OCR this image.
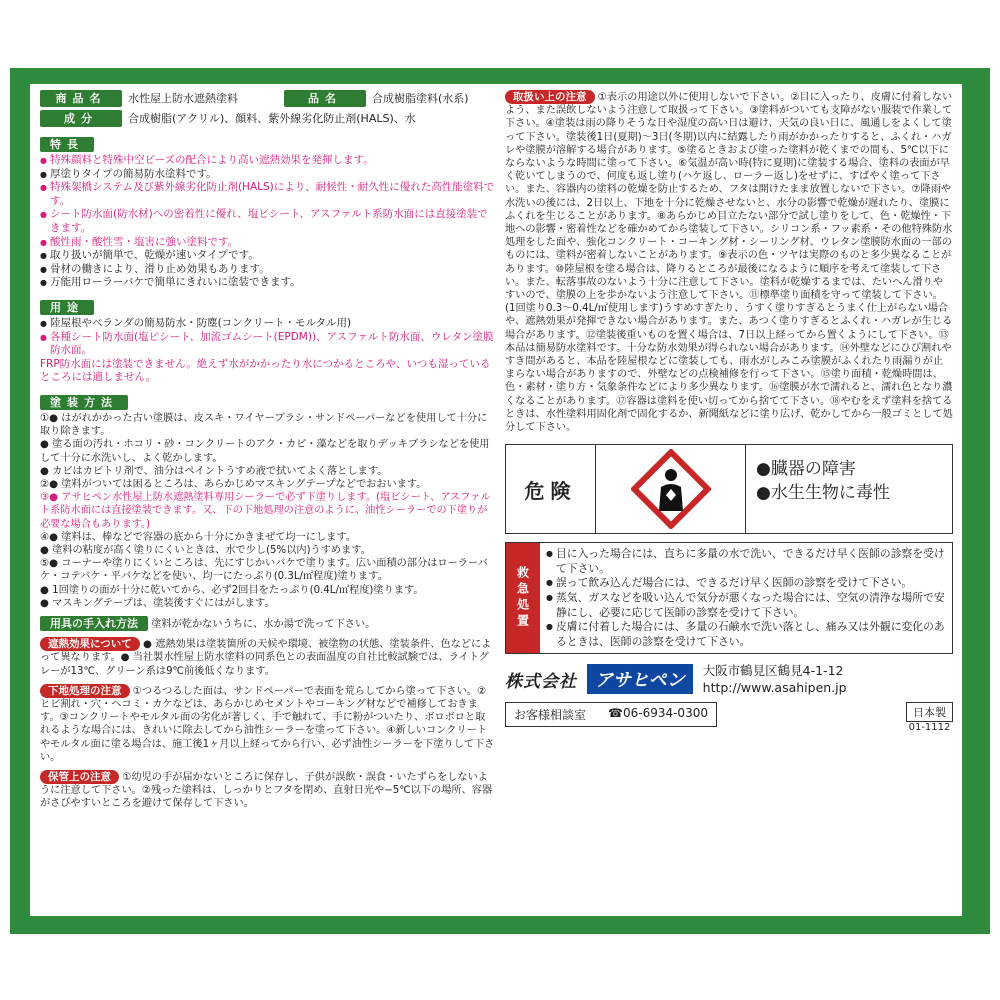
商品名	水性屋上防水遮熱塗料	品名	合成樹脂塗料(水系)
成分	合成樹脂(アクリル)、顔料、紫外線劣化防止剤(HALS)、水
特長
● 特殊顔料と特殊中空ビーズの配合により高い遮熱効果を発揮します。
● 厚塗りタイプの簡易防水塗料です。
● 特殊架橋システム及び紫外線劣化防止剤(HALS)により、耐候性・耐久性に優れた高性能塗料です。
● シート防水面(防水材)への密着性に優れ、塩ビシート、アスファルト系防水面には直接塗装できます。
● 酸性雨・酸性雪・塩害に強い塗料です。
● 取り扱いが簡単で、乾燥が速いタイプです。
● 骨材の働きにより、滑り止め効果もあります。
● 万能用ローラーバケで簡単にきれいに塗装できます。
用途
● 陸屋根やベランダの簡易防水・防塵(コンクリート・モルタル用)
● 各種シート防水面(塩ビシート、加流ゴムシート(EPDM))、アスファルト防水面、ウレタン塗膜防水面。
FRP防水面には塗装できません。絶えず水がかかったり水につかるところや、いつも湿っているところには適しません。
塗装方法
①● はがれかかった古い塗膜は、皮スキ・ワイヤーブラシ・サンドペーパーなどを使用して十分に取り除きます。
● 塗る面の汚れ・ホコリ・砂・コンクリートのアク・カビ・藻などを取りデッキブラシなどを使用して十分に水洗いし、よく乾かします。
● カビはカビトリ剤で、油分はペイントうすめ液で拭いてよく落とします。
②● 塗料がついては困るところは、あらかじめマスキングテープなどでおおいます。
③● アサヒペン水性屋上防水遮熱塗料専用シーラーで必ず下塗りします。(塩ビシート、アスファルト系防水面には直接塗装できます。又、下の下地処理の注意のように、油性シーラーでの下塗りが必要な場合もあります。)
④● 塗料は、棒などで容器の底から十分にかきまぜて均一にします。
● 塗料の粘度が高く塗りにくいときは、水で少し(5%以内)うすめます。
⑤● コーナーや塗りにくいところは、先にすじかいバケで塗ります。広い面積の部分はローラーバケ・コテバケ・平バケなどを使い、均一にたっぷり(0.3L/㎡程度)塗ります。
● 1回塗りの面が十分に乾いてから、必ず2回目をたっぷり(0.4L/㎡程度)塗ります。
● マスキングテープは、塗装後すぐにはがします。
用具の手入れ方法 塗料が乾かないうちに、水か湯で洗って下さい。
遮熱効果について ● 遮熱効果は塗装箇所の天候や環境、被塗物の状態、塗装条件、色などによって異なります。● 当社製水性屋上防水塗料の同系色との表面温度の自社比較試験では、ライトグレーが13℃、グリーン系は9℃前後低くなります。
下地処理の注意 ①つるつるした面は、サンドペーパーで表面を荒らしてから塗って下さい。②ヒビ割れ・穴・ヘコミ・カケなどは、あらかじめセメントやコーキング材などで補修しておきます。③コンクリートやモルタル面の劣化が著しく、手で触れて、手に粉がついたり、ボロボロと取れるような場合には、きれいに除去してから油性シーラーを塗って下さい。④新しいコンクリートやモルタル面に塗る場合は、施工後1ヶ月以上経ってから行い、必ず油性シーラーを下塗りして下さい。
保管上の注意 ①幼児の手が届かないところに保存し、子供が誤飲・誤食・いたずらをしないように注意して下さい。②残った塗料は、しっかりとフタを閉め、直射日光や−5℃以下の場所、容器がさびやすいところを避けて保存して下さい。
取扱い上の注意 ①表示の用途以外に使用しないで下さい。②目に入ったり、皮膚に付着しないよう、また誤飲しないよう注意して取扱って下さい。③塗料がついても支障がない服装で作業して下さい。④塗装は雨の降りそうな日や湿度の高い日は避け、天気の良い日に、風通しをよくして塗って下さい。塗装後1日(夏期)〜3日(冬期)以内に結露したり雨がかかったりすると、ふくれ・ハガレや塗膜が溶解する場合があります。⑤塗るときおよび塗った塗料が乾くまでの間も、5℃以下にならないような時間に塗って下さい。⑥気温が高い時(特に夏期)に塗装する場合、塗料の表面が早く乾いてしまうので、何度も返し塗り(ハケ返し、ローラー返し)をせずに、すばやく塗って下さい。また、容器内の塗料の乾燥を防止するため、フタは開けたまま放置しないで下さい。⑦降雨や水洗いの後には、2日以上、下地を十分に乾燥させないと、水分の影響で乾燥が遅れたり、塗膜にふくれを生じることがあります。⑧あらかじめ目立たない部分で試し塗りをして、色・乾燥性・下地への影響・密着性などを確かめてから塗装して下さい。シリコン系・フッ素系・その他特殊防水処理をした面や、強化コンクリート・コーキング材・シーリング材、ウレタン塗膜防水面の一部のものには、塗料が密着しないことがあります。⑨表示の色・ツヤは実際のものと多少異なることがあります。⑩陸屋根を塗る場合は、降りるところが最後になるように順序を考えて塗装して下さい。また、転落事故のないよう十分に注意して下さい。塗料が乾燥するまでは、たいへん滑りやすいので、塗膜の上を歩かないよう注意して下さい。⑪標準塗り面積を守って塗装して下さい。(1回塗り0.3〜0.4L/㎡使用します)うすめすぎたり、うすく塗りすぎるとうまく仕上がらない場合や、遮熱効果が発揮できない場合があります。また、あつく塗りすぎるとふくれ・ハガレが生じる場合があります。⑫塗装後重いものを置く場合は、7日以上経ってから置くようにして下さい。⑬本品は簡易防水塗料です。十分な防水効果が得られない場合があります。⑭外壁などにひび割れやすき間があると、本品を陸屋根などに塗装しても、雨水がしみこみ塗膜がふくれたり雨漏りが止まらない場合がありますので、外壁などの点検補修を行って下さい。⑮塗り面積・乾燥時間は、色・素材・塗り方・気象条件などにより多少異なります。⑯塗膜が水で濡れると、濡れ色となり濃くなることがあります。⑰容器は塗料を使い切ってから捨てて下さい。⑱やむをえず塗料を捨てるときは、水性塗料用固化剤で固化するか、新聞紙などに塗り広げ、乾かしてから一般ゴミとして処分して下さい。
危険
●臓器の障害
●水生生物に毒性
救急処置
● 目に入った場合には、直ちに多量の水で洗い、できるだけ早く医師の診察を受けて下さい。
● 誤って飲み込んだ場合には、できるだけ早く医師の診察を受けて下さい。
● 蒸気、ガスなどを吸い込んで気分が悪くなった場合には、空気の清浄な場所で安静にし、必要に応じて医師の診察を受けて下さい。
● 皮膚に付着した場合には、多量の石鹸水で洗い落とし、痛み又は外観に変化のあるときは、医師の診察を受けて下さい。
株式会社	アサヒペン	大阪市鶴見区鶴見4-1-12
http://www.asahipen.jp
お客様相談室 ☎06-6934-0300	日本製
01-1112
